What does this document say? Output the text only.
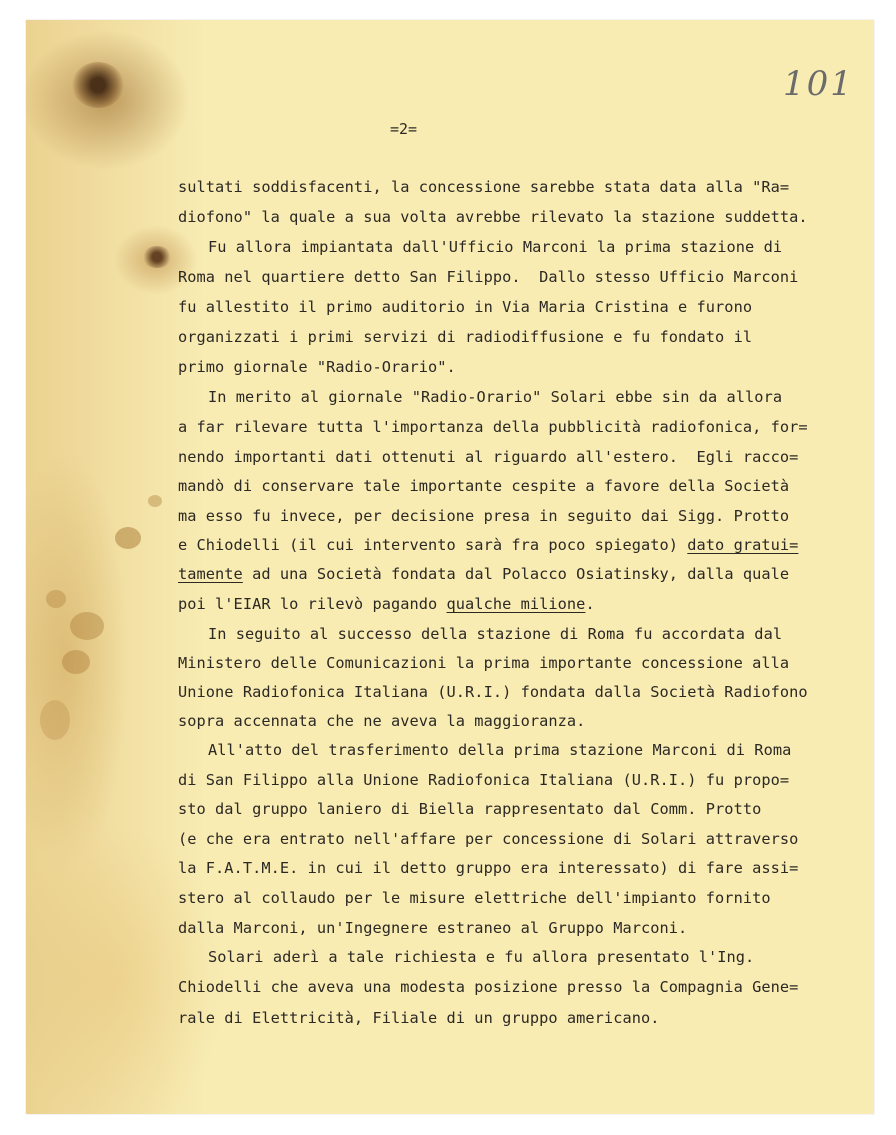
101
=2=
sultati soddisfacenti, la concessione sarebbe stata data alla "Ra=
diofono" la quale a sua volta avrebbe rilevato la stazione suddetta.
Fu allora impiantata dall'Ufficio Marconi la prima stazione di
Roma nel quartiere detto San Filippo.  Dallo stesso Ufficio Marconi
fu allestito il primo auditorio in Via Maria Cristina e furono
organizzati i primi servizi di radiodiffusione e fu fondato il
primo giornale "Radio-Orario".
In merito al giornale "Radio-Orario" Solari ebbe sin da allora
a far rilevare tutta l'importanza della pubblicità radiofonica, for=
nendo importanti dati ottenuti al riguardo all'estero.  Egli racco=
mandò di conservare tale importante cespite a favore della Società
ma esso fu invece, per decisione presa in seguito dai Sigg. Protto
e Chiodelli (il cui intervento sarà fra poco spiegato) dato gratui=
tamente ad una Società fondata dal Polacco Osiatinsky, dalla quale
poi l'EIAR lo rilevò pagando qualche milione.
In seguito al successo della stazione di Roma fu accordata dal
Ministero delle Comunicazioni la prima importante concessione alla
Unione Radiofonica Italiana (U.R.I.) fondata dalla Società Radiofono
sopra accennata che ne aveva la maggioranza.
All'atto del trasferimento della prima stazione Marconi di Roma
di San Filippo alla Unione Radiofonica Italiana (U.R.I.) fu propo=
sto dal gruppo laniero di Biella rappresentato dal Comm. Protto
(e che era entrato nell'affare per concessione di Solari attraverso
la F.A.T.M.E. in cui il detto gruppo era interessato) di fare assi=
stero al collaudo per le misure elettriche dell'impianto fornito
dalla Marconi, un'Ingegnere estraneo al Gruppo Marconi.
Solari aderì a tale richiesta e fu allora presentato l'Ing.
Chiodelli che aveva una modesta posizione presso la Compagnia Gene=
rale di Elettricità, Filiale di un gruppo americano.
